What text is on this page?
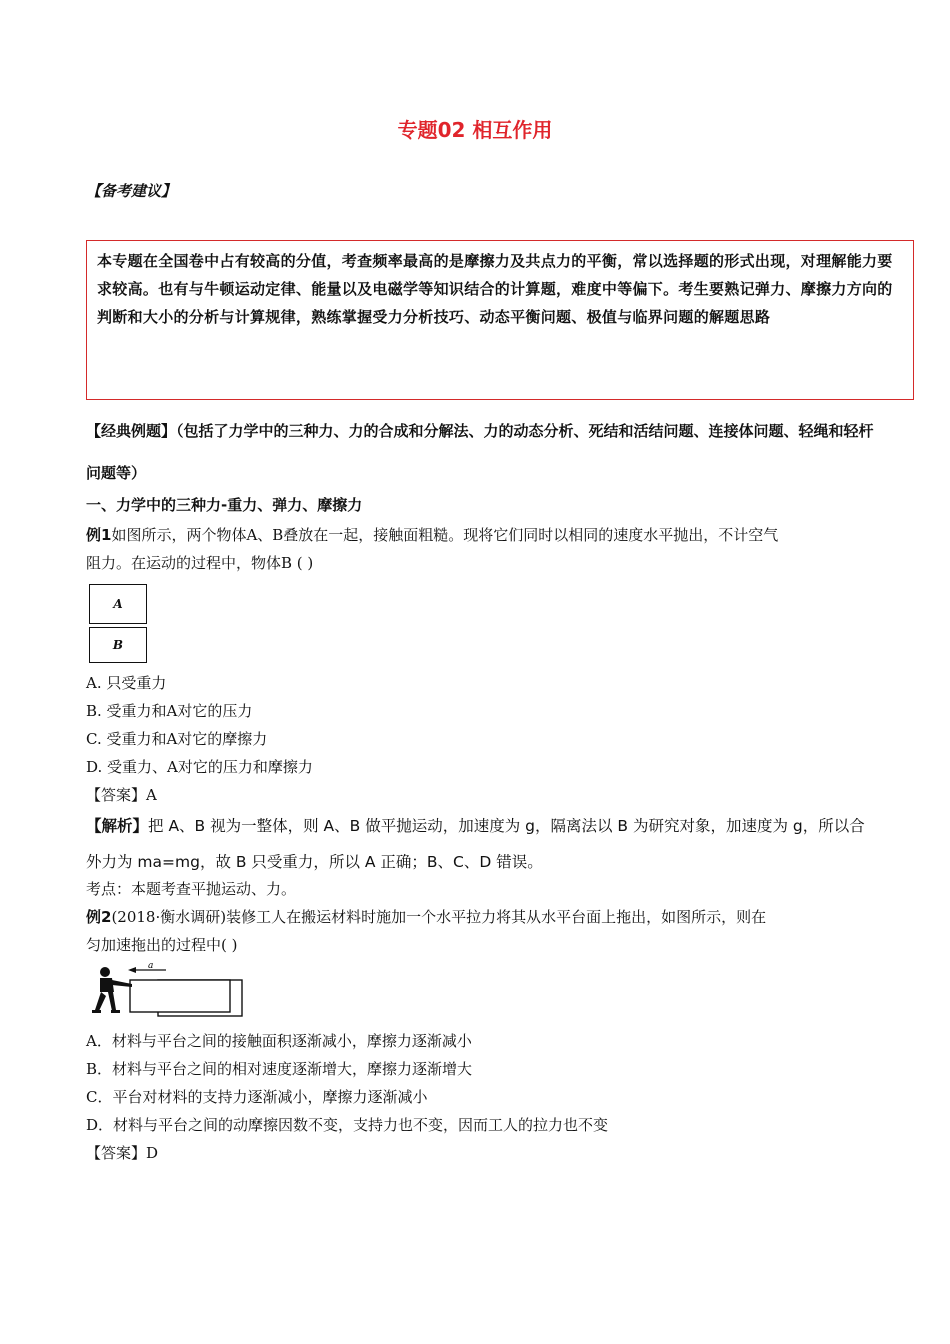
专题02 相互作用
【备考建议】

本专题在全国卷中占有较高的分值，考查频率最高的是摩擦力及共点力的平衡，常以选择题的形式出现，对理解能力要求较高。也有与牛顿运动定律、能量以及电磁学等知识结合的计算题，难度中等偏下。考生要熟记弹力、摩擦力方向的判断和大小的分析与计算规律，熟练掌握受力分析技巧、动态平衡问题、极值与临界问题的解题思路

【经典例题】（包括了力学中的三种力、力的合成和分解法、力的动态分析、死结和活结问题、连接体问题、轻绳和轻杆问题等）
一、力学中的三种力-重力、弹力、摩擦力
例1如图所示，两个物体A、B叠放在一起，接触面粗糙。现将它们同时以相同的速度水平抛出，不计空气
阻力。在运动的过程中，物体B ( )
A
B
A. 只受重力
B. 受重力和A对它的压力
C. 受重力和A对它的摩擦力
D. 受重力、A对它的压力和摩擦力
【答案】A
【解析】把 A、B 视为一整体，则 A、B 做平抛运动，加速度为 g，隔离法以 B 为研究对象，加速度为 g，所以合外力为 ma=mg，故 B 只受重力，所以 A 正确；B、C、D 错误。
考点：本题考查平抛运动、力。
例2(2018·衡水调研)装修工人在搬运材料时施加一个水平拉力将其从水平台面上拖出，如图所示，则在
匀加速拖出的过程中( )
a
A．材料与平台之间的接触面积逐渐减小，摩擦力逐渐减小
B．材料与平台之间的相对速度逐渐增大，摩擦力逐渐增大
C．平台对材料的支持力逐渐减小，摩擦力逐渐减小
D．材料与平台之间的动摩擦因数不变，支持力也不变，因而工人的拉力也不变
【答案】D
